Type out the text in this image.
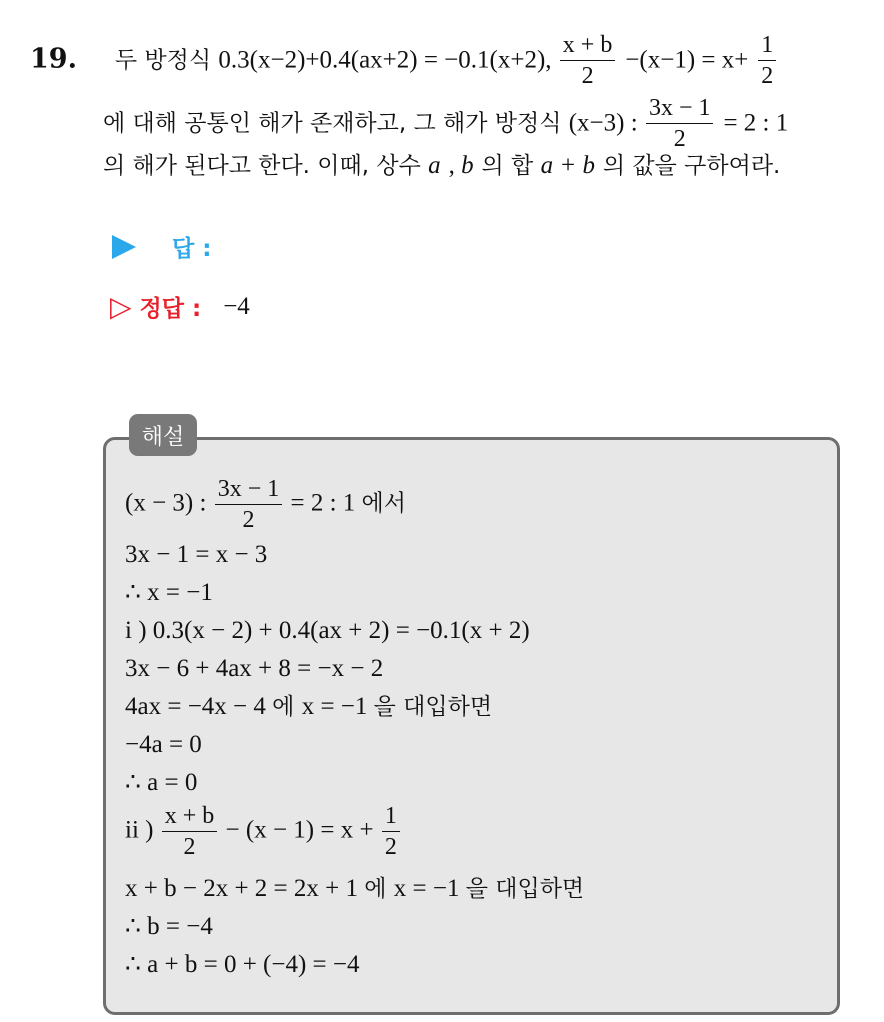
19. 두 방정식 0.3(x−2)+0.4(ax+2) = −0.1(x+2), $\frac{x + b}{2} -(x-1) = x+ \frac{1}{2}$
에 대해 공통인 해가 존재하고, 그 해가 방정식 (x−3) : $\frac{3x - 1}{2} = 2$ : 1
의 해가 된다고 한다. 이때, 상수 a , b 의 합 a + b 의 값을 구하여라.
답 :
▷ 정답 : −4
해설
(x − 3) : $\frac{3x - 1}{2} = 2$ : 1 에서
3x − 1 = x − 3
∴ x = −1
i ) 0.3(x − 2) + 0.4(ax + 2) = −0.1(x + 2)
3x − 6 + 4ax + 8 = −x − 2
4ax = −4x − 4 에 x = −1 을 대입하면
−4a = 0
∴ a = 0
ii ) $\frac{x + b}{2} - (x - 1) = x + \frac{1}{2}$
x + b − 2x + 2 = 2x + 1 에 x = −1 을 대입하면
∴ b = −4
∴ a + b = 0 + (−4) = −4
